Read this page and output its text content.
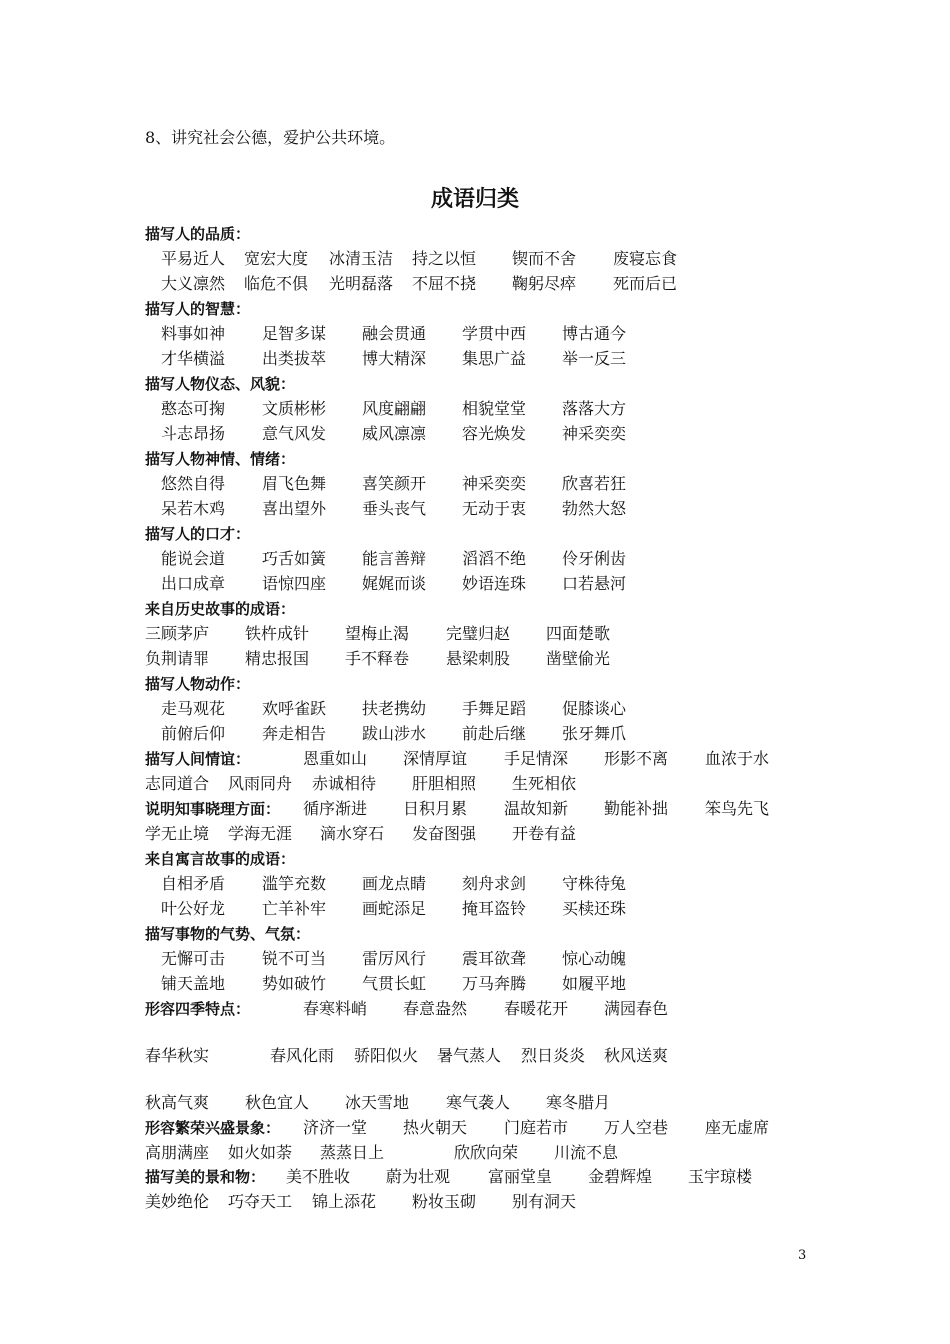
8、讲究社会公德，爱护公共环境。
成语归类
描写人的品质：
平易近人 宽宏大度 冰清玉洁 持之以恒 锲而不舍 废寝忘食
大义凛然 临危不俱 光明磊落 不屈不挠 鞠躬尽瘁 死而后已
描写人的智慧：
料事如神 足智多谋 融会贯通 学贯中西 博古通今
才华横溢 出类拔萃 博大精深 集思广益 举一反三
描写人物仪态、风貌：
憨态可掬 文质彬彬 风度翩翩 相貌堂堂 落落大方
斗志昂扬 意气风发 威风凛凛 容光焕发 神采奕奕
描写人物神情、情绪：
悠然自得 眉飞色舞 喜笑颜开 神采奕奕 欣喜若狂
呆若木鸡 喜出望外 垂头丧气 无动于衷 勃然大怒
描写人的口才：
能说会道 巧舌如簧 能言善辩 滔滔不绝 伶牙俐齿
出口成章 语惊四座 娓娓而谈 妙语连珠 口若悬河
来自历史故事的成语：
三顾茅庐 铁杵成针 望梅止渴 完璧归赵 四面楚歌
负荆请罪 精忠报国 手不释卷 悬梁刺股 凿壁偷光
描写人物动作：
走马观花 欢呼雀跃 扶老携幼 手舞足蹈 促膝谈心
前俯后仰 奔走相告 跋山涉水 前赴后继 张牙舞爪
描写人间情谊：	恩重如山 深情厚谊 手足情深 形影不离 血浓于水
志同道合 风雨同舟 赤诚相待 肝胆相照 生死相依
说明知事晓理方面： 循序渐进 日积月累 温故知新 勤能补拙 笨鸟先飞
学无止境 学海无涯 滴水穿石 发奋图强 开卷有益
来自寓言故事的成语：
自相矛盾 滥竽充数 画龙点睛 刻舟求剑 守株待兔
叶公好龙 亡羊补牢 画蛇添足 掩耳盗铃 买椟还珠
描写事物的气势、气氛：
无懈可击 锐不可当 雷厉风行 震耳欲聋 惊心动魄
铺天盖地 势如破竹 气贯长虹 万马奔腾 如履平地
形容四季特点：	春寒料峭 春意盎然 春暖花开 满园春色
春华秋实	春风化雨 骄阳似火 暑气蒸人 烈日炎炎 秋风送爽
秋高气爽 秋色宜人 冰天雪地 寒气袭人 寒冬腊月
形容繁荣兴盛景象： 济济一堂 热火朝天 门庭若市 万人空巷 座无虚席
高朋满座 如火如荼 蒸蒸日上	欣欣向荣 川流不息
描写美的景和物： 美不胜收 蔚为壮观 富丽堂皇 金碧辉煌 玉宇琼楼
美妙绝伦 巧夺天工 锦上添花 粉妆玉砌 别有洞天
3
